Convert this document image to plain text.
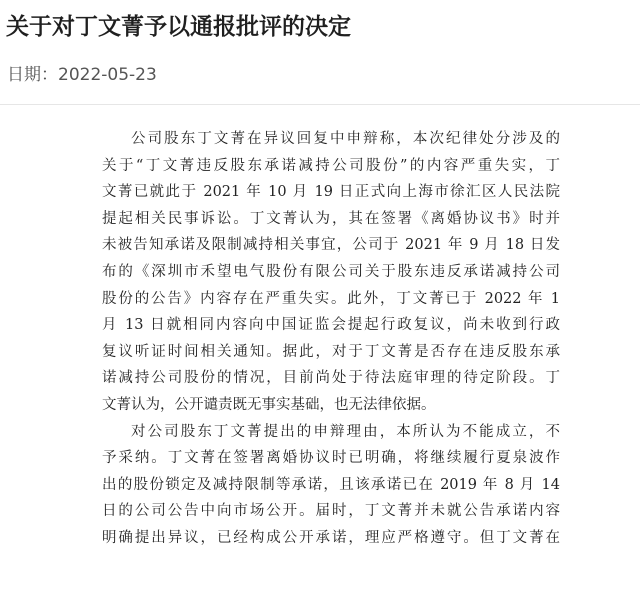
关于对丁文菁予以通报批评的决定
日期：2022-05-23
公司股东丁文菁在异议回复中申辩称，本次纪律处分涉及的
关于“丁文菁违反股东承诺减持公司股份”的内容严重失实，丁
文菁已就此于 2021 年 10 月 19 日正式向上海市徐汇区人民法院
提起相关民事诉讼。丁文菁认为，其在签署《离婚协议书》时并
未被告知承诺及限制减持相关事宜，公司于 2021 年 9 月 18 日发
布的《深圳市禾望电气股份有限公司关于股东违反承诺减持公司
股份的公告》内容存在严重失实。此外，丁文菁已于 2022 年 1
月 13 日就相同内容向中国证监会提起行政复议，尚未收到行政
复议听证时间相关通知。据此，对于丁文菁是否存在违反股东承
诺减持公司股份的情况，目前尚处于待法庭审理的待定阶段。丁
文菁认为，公开谴责既无事实基础，也无法律依据。
对公司股东丁文菁提出的申辩理由，本所认为不能成立，不
予采纳。丁文菁在签署离婚协议时已明确，将继续履行夏泉波作
出的股份锁定及减持限制等承诺，且该承诺已在 2019 年 8 月 14
日的公司公告中向市场公开。届时，丁文菁并未就公告承诺内容
明确提出异议，已经构成公开承诺，理应严格遵守。但丁文菁在
